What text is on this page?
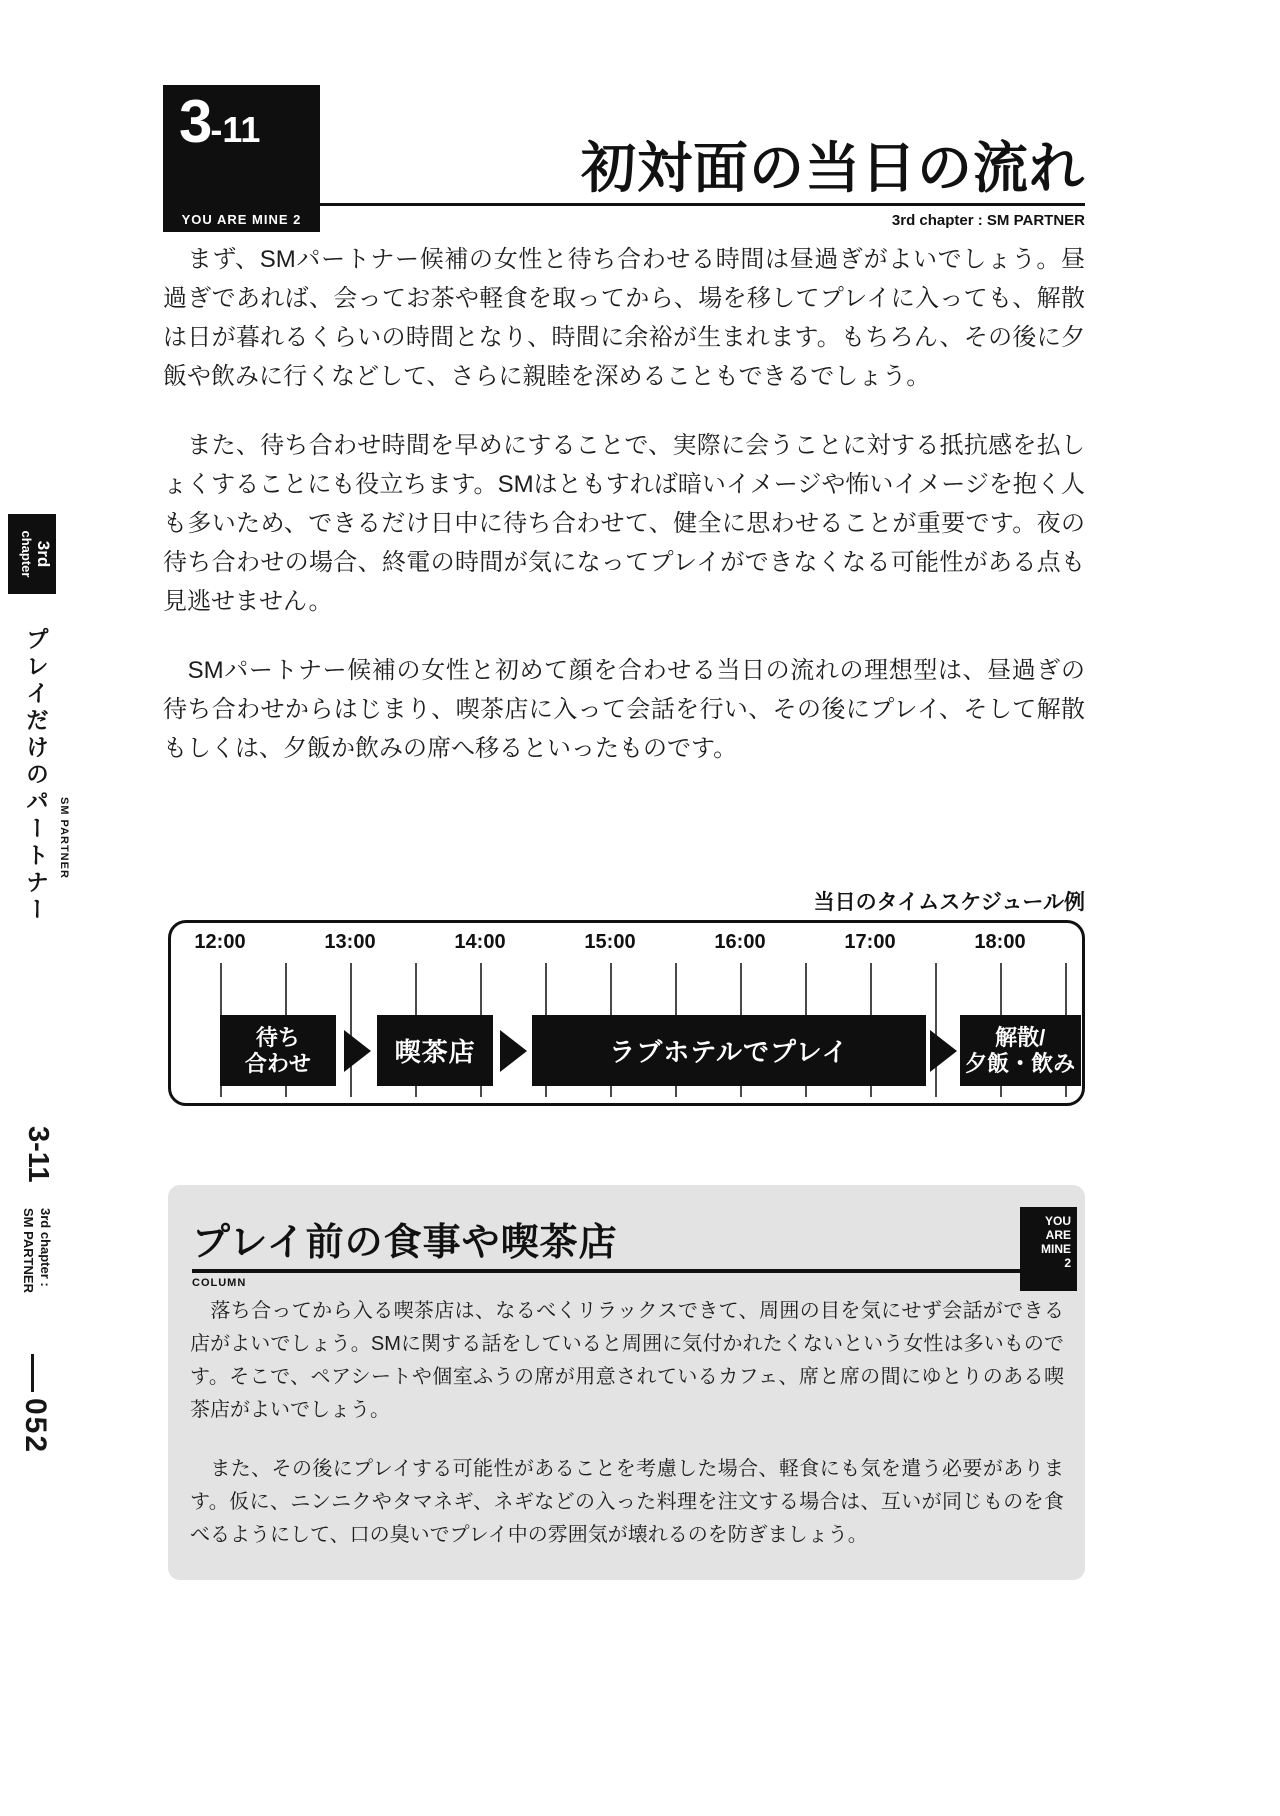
3-11
YOU ARE MINE 2
初対面の当日の流れ
3rd chapter : SM PARTNER

　まず、SMパートナー候補の女性と待ち合わせる時間は昼過ぎがよいでしょう。昼過ぎであれば、会ってお茶や軽食を取ってから、場を移してプレイに入っても、解散は日が暮れるくらいの時間となり、時間に余裕が生まれます。もちろん、その後に夕飯や飲みに行くなどして、さらに親睦を深めることもできるでしょう。

　また、待ち合わせ時間を早めにすることで、実際に会うことに対する抵抗感を払しょくすることにも役立ちます。SMはともすれば暗いイメージや怖いイメージを抱く人も多いため、できるだけ日中に待ち合わせて、健全に思わせることが重要です。夜の待ち合わせの場合、終電の時間が気になってプレイができなくなる可能性がある点も見逃せません。

　SMパートナー候補の女性と初めて顔を合わせる当日の流れの理想型は、昼過ぎの待ち合わせからはじまり、喫茶店に入って会話を行い、その後にプレイ、そして解散もしくは、夕飯か飲みの席へ移るといったものです。

当日のタイムスケジュール例
12:00	13:00	14:00	15:00	16:00	17:00	18:00
待ち
合わせ	喫茶店	ラブホテルでプレイ	解散/
夕飯・飲み
プレイ前の食事や喫茶店
COLUMN
YOU
ARE
MINE
2

　落ち合ってから入る喫茶店は、なるべくリラックスできて、周囲の目を気にせず会話ができる店がよいでしょう。SMに関する話をしていると周囲に気付かれたくないという女性は多いものです。そこで、ペアシートや個室ふうの席が用意されているカフェ、席と席の間にゆとりのある喫茶店がよいでしょう。

　また、その後にプレイする可能性があることを考慮した場合、軽食にも気を遣う必要があります。仮に、ニンニクやタマネギ、ネギなどの入った料理を注文する場合は、互いが同じものを食べるようにして、口の臭いでプレイ中の雰囲気が壊れるのを防ぎましょう。

3rd
chapter
プレイだけのパートナー SM PARTNER
3-11
3rd chapter :
SM PARTNER
052
